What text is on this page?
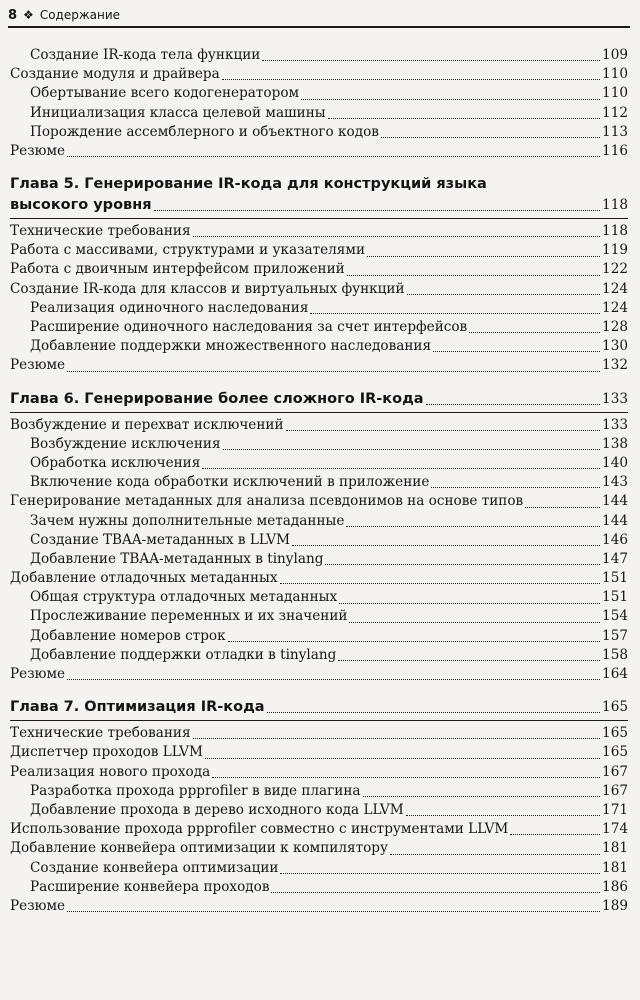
8 ❖ Содержание
Создание IR-кода тела функции	109
Создание модуля и драйвера	110
Обертывание всего кодогенератором	110
Инициализация класса целевой машины	112
Порождение ассемблерного и объектного кодов	113
Резюме	116
Глава 5. Генерирование IR-кода для конструкций языка
высокого уровня	118
Технические требования	118
Работа с массивами, структурами и указателями	119
Работа с двоичным интерфейсом приложений	122
Создание IR-кода для классов и виртуальных функций	124
Реализация одиночного наследования	124
Расширение одиночного наследования за счет интерфейсов	128
Добавление поддержки множественного наследования	130
Резюме	132
Глава 6. Генерирование более сложного IR-кода	133
Возбуждение и перехват исключений	133
Возбуждение исключения	138
Обработка исключения	140
Включение кода обработки исключений в приложение	143
Генерирование метаданных для анализа псевдонимов на основе типов	144
Зачем нужны дополнительные метаданные	144
Создание TBAA-метаданных в LLVM	146
Добавление TBAA-метаданных в tinylang	147
Добавление отладочных метаданных	151
Общая структура отладочных метаданных	151
Прослеживание переменных и их значений	154
Добавление номеров строк	157
Добавление поддержки отладки в tinylang	158
Резюме	164
Глава 7. Оптимизация IR-кода	165
Технические требования	165
Диспетчер проходов LLVM	165
Реализация нового прохода	167
Разработка прохода ppprofiler в виде плагина	167
Добавление прохода в дерево исходного кода LLVM	171
Использование прохода ppprofiler совместно с инструментами LLVM	174
Добавление конвейера оптимизации к компилятору	181
Создание конвейера оптимизации	181
Расширение конвейера проходов	186
Резюме	189
